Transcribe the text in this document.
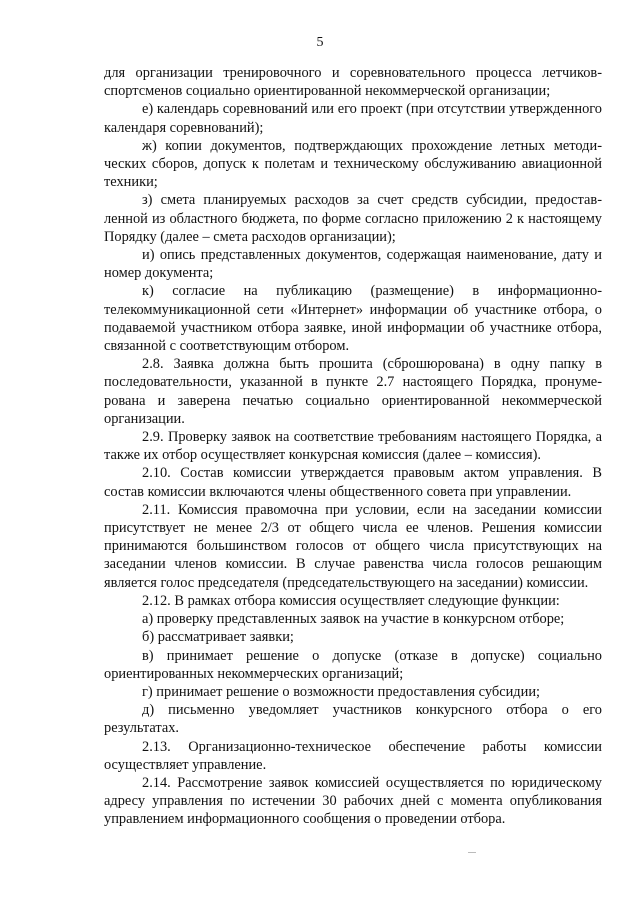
5

для организации тренировочного и соревновательного процесса летчиков-спортсменов социально ориентированной некоммерческой организации;

е) календарь соревнований или его проект (при отсутствии утвержденного календаря соревнований);

ж) копии документов, подтверждающих прохождение летных методических сборов, допуск к полетам и техническому обслуживанию авиационной техники;

з) смета планируемых расходов за счет средств субсидии, предоставленной из областного бюджета, по форме согласно приложению 2 к настоящему Порядку (далее – смета расходов организации);

и) опись представленных документов, содержащая наименование, дату и номер документа;

к) согласие на публикацию (размещение) в информационно-телекоммуникационной сети «Интернет» информации об участнике отбора, о подаваемой участником отбора заявке, иной информации об участнике отбора, связанной с соответствующим отбором.

2.8. Заявка должна быть прошита (сброшюрована) в одну папку в последовательности, указанной в пункте 2.7 настоящего Порядка, пронумерована и заверена печатью социально ориентированной некоммерческой организации.

2.9. Проверку заявок на соответствие требованиям настоящего Порядка, а также их отбор осуществляет конкурсная комиссия (далее – комиссия).

2.10. Состав комиссии утверждается правовым актом управления. В состав комиссии включаются члены общественного совета при управлении.

2.11. Комиссия правомочна при условии, если на заседании комиссии присутствует не менее 2/3 от общего числа ее членов. Решения комиссии принимаются большинством голосов от общего числа присутствующих на заседании членов комиссии. В случае равенства числа голосов решающим является голос председателя (председательствующего на заседании) комиссии.

2.12. В рамках отбора комиссия осуществляет следующие функции:

а) проверку представленных заявок на участие в конкурсном отборе;

б) рассматривает заявки;

в) принимает решение о допуске (отказе в допуске) социально ориентированных некоммерческих организаций;

г) принимает решение о возможности предоставления субсидии;

д) письменно уведомляет участников конкурсного отбора о его результатах.

2.13. Организационно-техническое обеспечение работы комиссии осуществляет управление.

2.14. Рассмотрение заявок комиссией осуществляется по юридическому адресу управления по истечении 30 рабочих дней с момента опубликования управлением информационного сообщения о проведении отбора.
